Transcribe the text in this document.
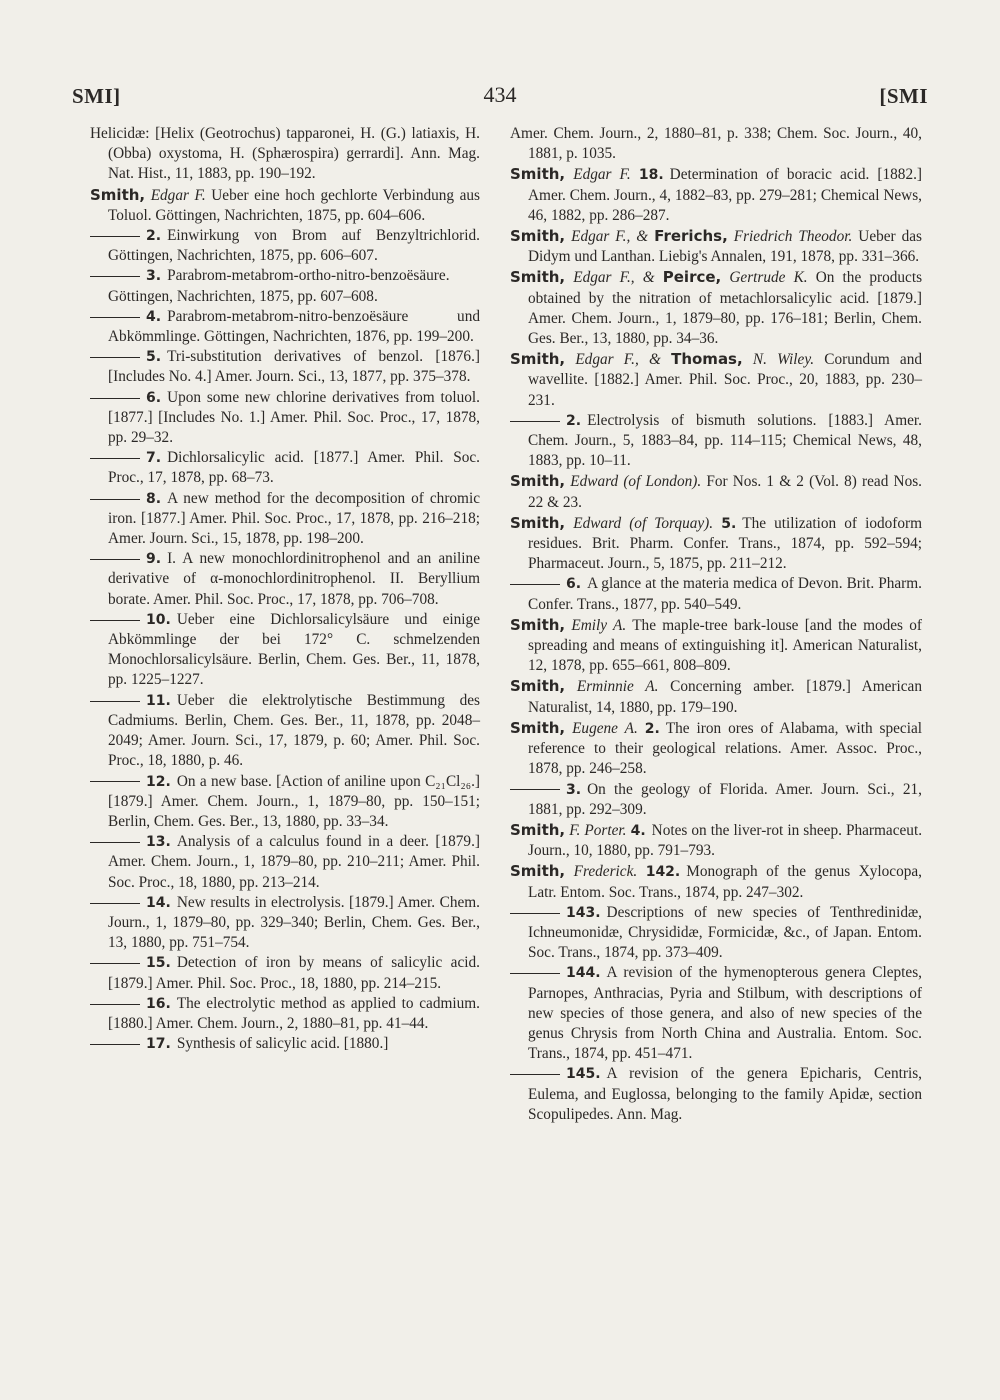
SMI]	434	[SMI

Helicidæ: [Helix (Geotrochus) tapparonei, H. (G.) latiaxis, H. (Obba) oxystoma, H. (Sphærospira) gerrardi]. Ann. Mag. Nat. Hist., 11, 1883, pp. 190–192.

Smith, Edgar F. Ueber eine hoch gechlorte Verbindung aus Toluol. Göttingen, Nachrichten, 1875, pp. 604–606.

2. Einwirkung von Brom auf Benzyltrichlorid. Göttingen, Nachrichten, 1875, pp. 606–607.

3. Parabrom-metabrom-ortho-nitro-benzoësäure. Göttingen, Nachrichten, 1875, pp. 607–608.

4. Parabrom-metabrom-nitro-benzoësäure und Abkömmlinge. Göttingen, Nachrichten, 1876, pp. 199–200.

5. Tri-substitution derivatives of benzol. [1876.] [Includes No. 4.] Amer. Journ. Sci., 13, 1877, pp. 375–378.

6. Upon some new chlorine derivatives from toluol. [1877.] [Includes No. 1.] Amer. Phil. Soc. Proc., 17, 1878, pp. 29–32.

7. Dichlorsalicylic acid. [1877.] Amer. Phil. Soc. Proc., 17, 1878, pp. 68–73.

8. A new method for the decomposition of chromic iron. [1877.] Amer. Phil. Soc. Proc., 17, 1878, pp. 216–218; Amer. Journ. Sci., 15, 1878, pp. 198–200.

9. I. A new monochlordinitrophenol and an aniline derivative of α-monochlordinitrophenol. II. Beryllium borate. Amer. Phil. Soc. Proc., 17, 1878, pp. 706–708.

10. Ueber eine Dichlorsalicylsäure und einige Abkömmlinge der bei 172° C. schmelzenden Monochlorsalicylsäure. Berlin, Chem. Ges. Ber., 11, 1878, pp. 1225–1227.

11. Ueber die elektrolytische Bestimmung des Cadmiums. Berlin, Chem. Ges. Ber., 11, 1878, pp. 2048–2049; Amer. Journ. Sci., 17, 1879, p. 60; Amer. Phil. Soc. Proc., 18, 1880, p. 46.

12. On a new base. [Action of aniline upon C₂₁Cl₂₆.] [1879.] Amer. Chem. Journ., 1, 1879–80, pp. 150–151; Berlin, Chem. Ges. Ber., 13, 1880, pp. 33–34.

13. Analysis of a calculus found in a deer. [1879.] Amer. Chem. Journ., 1, 1879–80, pp. 210–211; Amer. Phil. Soc. Proc., 18, 1880, pp. 213–214.

14. New results in electrolysis. [1879.] Amer. Chem. Journ., 1, 1879–80, pp. 329–340; Berlin, Chem. Ges. Ber., 13, 1880, pp. 751–754.

15. Detection of iron by means of salicylic acid. [1879.] Amer. Phil. Soc. Proc., 18, 1880, pp. 214–215.

16. The electrolytic method as applied to cadmium. [1880.] Amer. Chem. Journ., 2, 1880–81, pp. 41–44.

17. Synthesis of salicylic acid. [1880.]

Amer. Chem. Journ., 2, 1880–81, p. 338; Chem. Soc. Journ., 40, 1881, p. 1035.

Smith, Edgar F. 18. Determination of boracic acid. [1882.] Amer. Chem. Journ., 4, 1882–83, pp. 279–281; Chemical News, 46, 1882, pp. 286–287.

Smith, Edgar F., & Frerichs, Friedrich Theodor. Ueber das Didym und Lanthan. Liebig's Annalen, 191, 1878, pp. 331–366.

Smith, Edgar F., & Peirce, Gertrude K. On the products obtained by the nitration of metachlorsalicylic acid. [1879.] Amer. Chem. Journ., 1, 1879–80, pp. 176–181; Berlin, Chem. Ges. Ber., 13, 1880, pp. 34–36.

Smith, Edgar F., & Thomas, N. Wiley. Corundum and wavellite. [1882.] Amer. Phil. Soc. Proc., 20, 1883, pp. 230–231.

2. Electrolysis of bismuth solutions. [1883.] Amer. Chem. Journ., 5, 1883–84, pp. 114–115; Chemical News, 48, 1883, pp. 10–11.

Smith, Edward (of London). For Nos. 1 & 2 (Vol. 8) read Nos. 22 & 23.

Smith, Edward (of Torquay). 5. The utilization of iodoform residues. Brit. Pharm. Confer. Trans., 1874, pp. 592–594; Pharmaceut. Journ., 5, 1875, pp. 211–212.

6. A glance at the materia medica of Devon. Brit. Pharm. Confer. Trans., 1877, pp. 540–549.

Smith, Emily A. The maple-tree bark-louse [and the modes of spreading and means of extinguishing it]. American Naturalist, 12, 1878, pp. 655–661, 808–809.

Smith, Erminnie A. Concerning amber. [1879.] American Naturalist, 14, 1880, pp. 179–190.

Smith, Eugene A. 2. The iron ores of Alabama, with special reference to their geological relations. Amer. Assoc. Proc., 1878, pp. 246–258.

3. On the geology of Florida. Amer. Journ. Sci., 21, 1881, pp. 292–309.

Smith, F. Porter. 4. Notes on the liver-rot in sheep. Pharmaceut. Journ., 10, 1880, pp. 791–793.

Smith, Frederick. 142. Monograph of the genus Xylocopa, Latr. Entom. Soc. Trans., 1874, pp. 247–302.

143. Descriptions of new species of Tenthredinidæ, Ichneumonidæ, Chrysididæ, Formicidæ, &c., of Japan. Entom. Soc. Trans., 1874, pp. 373–409.

144. A revision of the hymenopterous genera Cleptes, Parnopes, Anthracias, Pyria and Stilbum, with descriptions of new species of those genera, and also of new species of the genus Chrysis from North China and Australia. Entom. Soc. Trans., 1874, pp. 451–471.

145. A revision of the genera Epicharis, Centris, Eulema, and Euglossa, belonging to the family Apidæ, section Scopulipedes. Ann. Mag.
